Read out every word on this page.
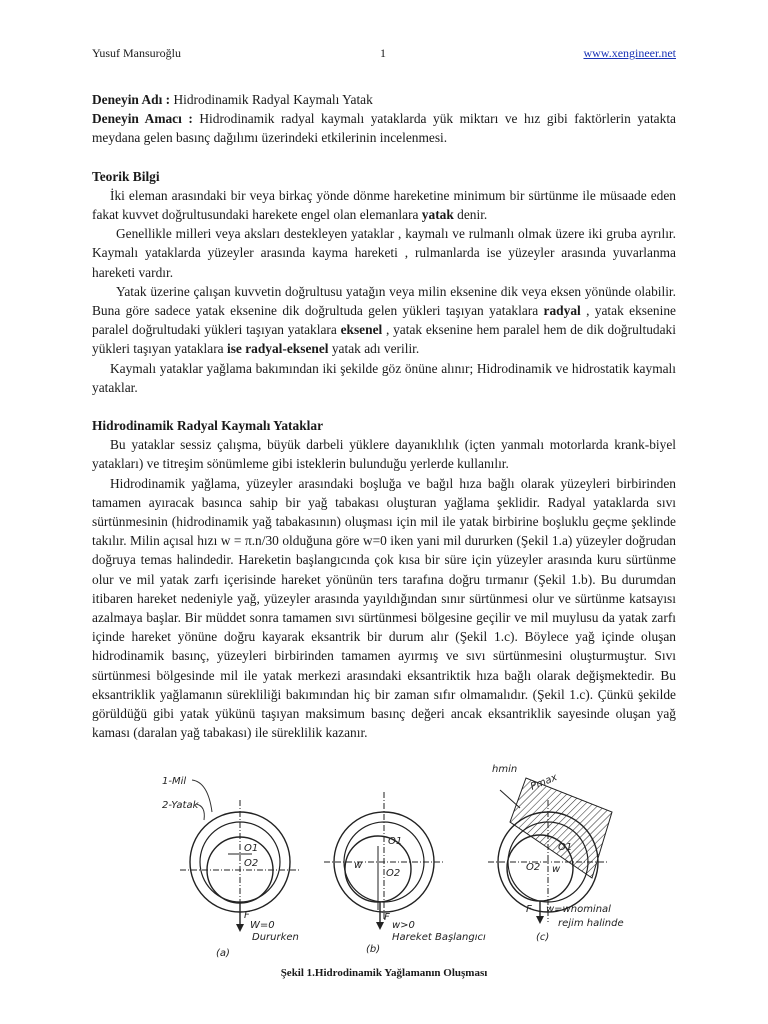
Yusuf Mansuroğlu	1	www.xengineer.net

Deneyin Adı : Hidrodinamik Radyal Kaymalı Yatak

Deneyin Amacı : Hidrodinamik radyal kaymalı yataklarda yük miktarı ve hız gibi faktörlerin yatakta meydana gelen basınç dağılımı üzerindeki etkilerinin incelenmesi.

Teorik Bilgi

İki eleman arasındaki bir veya birkaç yönde dönme hareketine minimum bir sürtünme ile müsaade eden fakat kuvvet doğrultusundaki harekete engel olan elemanlara yatak denir.

Genellikle milleri veya aksları destekleyen yataklar , kaymalı ve rulmanlı olmak üzere iki gruba ayrılır. Kaymalı yataklarda yüzeyler arasında kayma hareketi , rulmanlarda ise yüzeyler arasında yuvarlanma hareketi vardır.

Yatak üzerine çalışan kuvvetin doğrultusu yatağın veya milin eksenine dik veya eksen yönünde olabilir. Buna göre sadece yatak eksenine dik doğrultuda gelen yükleri taşıyan yataklara radyal , yatak eksenine paralel doğrultudaki yükleri taşıyan yataklara eksenel , yatak eksenine hem paralel hem de dik doğrultudaki yükleri taşıyan yataklara ise radyal-eksenel yatak adı verilir.

Kaymalı yataklar yağlama bakımından iki şekilde göz önüne alınır; Hidrodinamik ve hidrostatik kaymalı yataklar.

Hidrodinamik Radyal Kaymalı Yataklar

Bu yataklar sessiz çalışma, büyük darbeli yüklere dayanıklılık (içten yanmalı motorlarda krank-biyel yatakları) ve titreşim sönümleme gibi isteklerin bulunduğu yerlerde kullanılır.

Hidrodinamik yağlama, yüzeyler arasındaki boşluğa ve bağıl hıza bağlı olarak yüzeyleri birbirinden tamamen ayıracak basınca sahip bir yağ tabakası oluşturan yağlama şeklidir. Radyal yataklarda sıvı sürtünmesinin (hidrodinamik yağ tabakasının) oluşması için mil ile yatak birbirine boşluklu geçme şeklinde takılır. Milin açısal hızı w = π.n/30 olduğuna göre w=0 iken yani mil dururken (Şekil 1.a) yüzeyler doğrudan doğruya temas halindedir. Hareketin başlangıcında çok kısa bir süre için yüzeyler arasında kuru sürtünme olur ve mil yatak zarfı içerisinde hareket yönünün ters tarafına doğru tırmanır (Şekil 1.b). Bu durumdan itibaren hareket nedeniyle yağ, yüzeyler arasında yayıldığından sınır sürtünmesi olur ve sürtünme katsayısı azalmaya başlar. Bir müddet sonra tamamen sıvı sürtünmesi bölgesine geçilir ve mil muylusu da yatak zarfı içinde hareket yönüne doğru kayarak eksantrik bir durum alır (Şekil 1.c). Böylece yağ içinde oluşan hidrodinamik basınç, yüzeyleri birbirinden tamamen ayırmış ve sıvı sürtünmesini oluşturmuştur. Sıvı sürtünmesi bölgesinde mil ile yatak merkezi arasındaki eksantriktik hıza bağlı olarak değişmektedir. Bu eksantriklik yağlamanın sürekliliği bakımından hiç bir zaman sıfır olmamalıdır. (Şekil 1.c). Çünkü şekilde görüldüğü gibi yatak yükünü taşıyan maksimum basınç değeri ancak eksantriklik sayesinde oluşan yağ kaması (daralan yağ tabakası) ile süreklilik kazanır.

1-Mil
2-Yatak
O1
O2
F
W=0
Dururken
(a)
O1
O2
w
F
w>0
Hareket Başlangıcı
(b)
O1
O2 w
hmin
Pmax
F w=wnominal
rejim halinde
(c)
Şekil 1.Hidrodinamik Yağlamanın Oluşması
